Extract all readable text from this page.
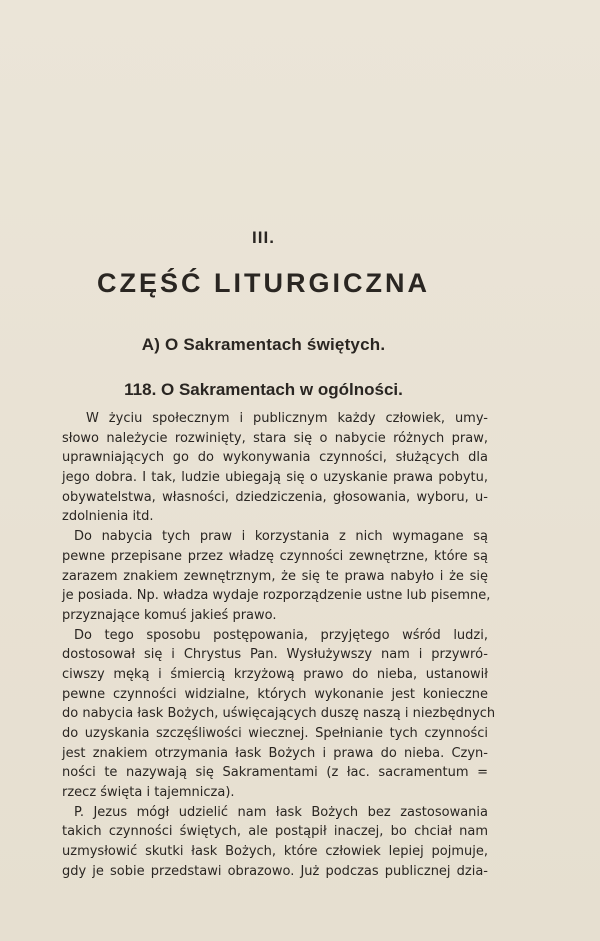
III.
CZĘŚĆ LITURGICZNA
A) O Sakramentach świętych.
118. O Sakramentach w ogólności.
W życiu społecznym i publicznym każdy człowiek, umy-
słowo należycie rozwinięty, stara się o nabycie różnych praw,
uprawniających go do wykonywania czynności, służących dla
jego dobra. I tak, ludzie ubiegają się o uzyskanie prawa pobytu,
obywatelstwa, własności, dziedziczenia, głosowania, wyboru, u-
zdolnienia itd.
Do nabycia tych praw i korzystania z nich wymagane są
pewne przepisane przez władzę czynności zewnętrzne, które są
zarazem znakiem zewnętrznym, że się te prawa nabyło i że się
je posiada. Np. władza wydaje rozporządzenie ustne lub pisemne,
przyznające komuś jakieś prawo.
Do tego sposobu postępowania, przyjętego wśród ludzi,
dostosował się i Chrystus Pan. Wysłużywszy nam i przywró-
ciwszy męką i śmiercią krzyżową prawo do nieba, ustanowił
pewne czynności widzialne, których wykonanie jest konieczne
do nabycia łask Bożych, uświęcających duszę naszą i niezbędnych
do uzyskania szczęśliwości wiecznej. Spełnianie tych czynności
jest znakiem otrzymania łask Bożych i prawa do nieba. Czyn-
ności te nazywają się Sakramentami (z łac. sacramentum =
rzecz święta i tajemnicza).
P. Jezus mógł udzielić nam łask Bożych bez zastosowania
takich czynności świętych, ale postąpił inaczej, bo chciał nam
uzmysłowić skutki łask Bożych, które człowiek lepiej pojmuje,
gdy je sobie przedstawi obrazowo. Już podczas publicznej dzia-
